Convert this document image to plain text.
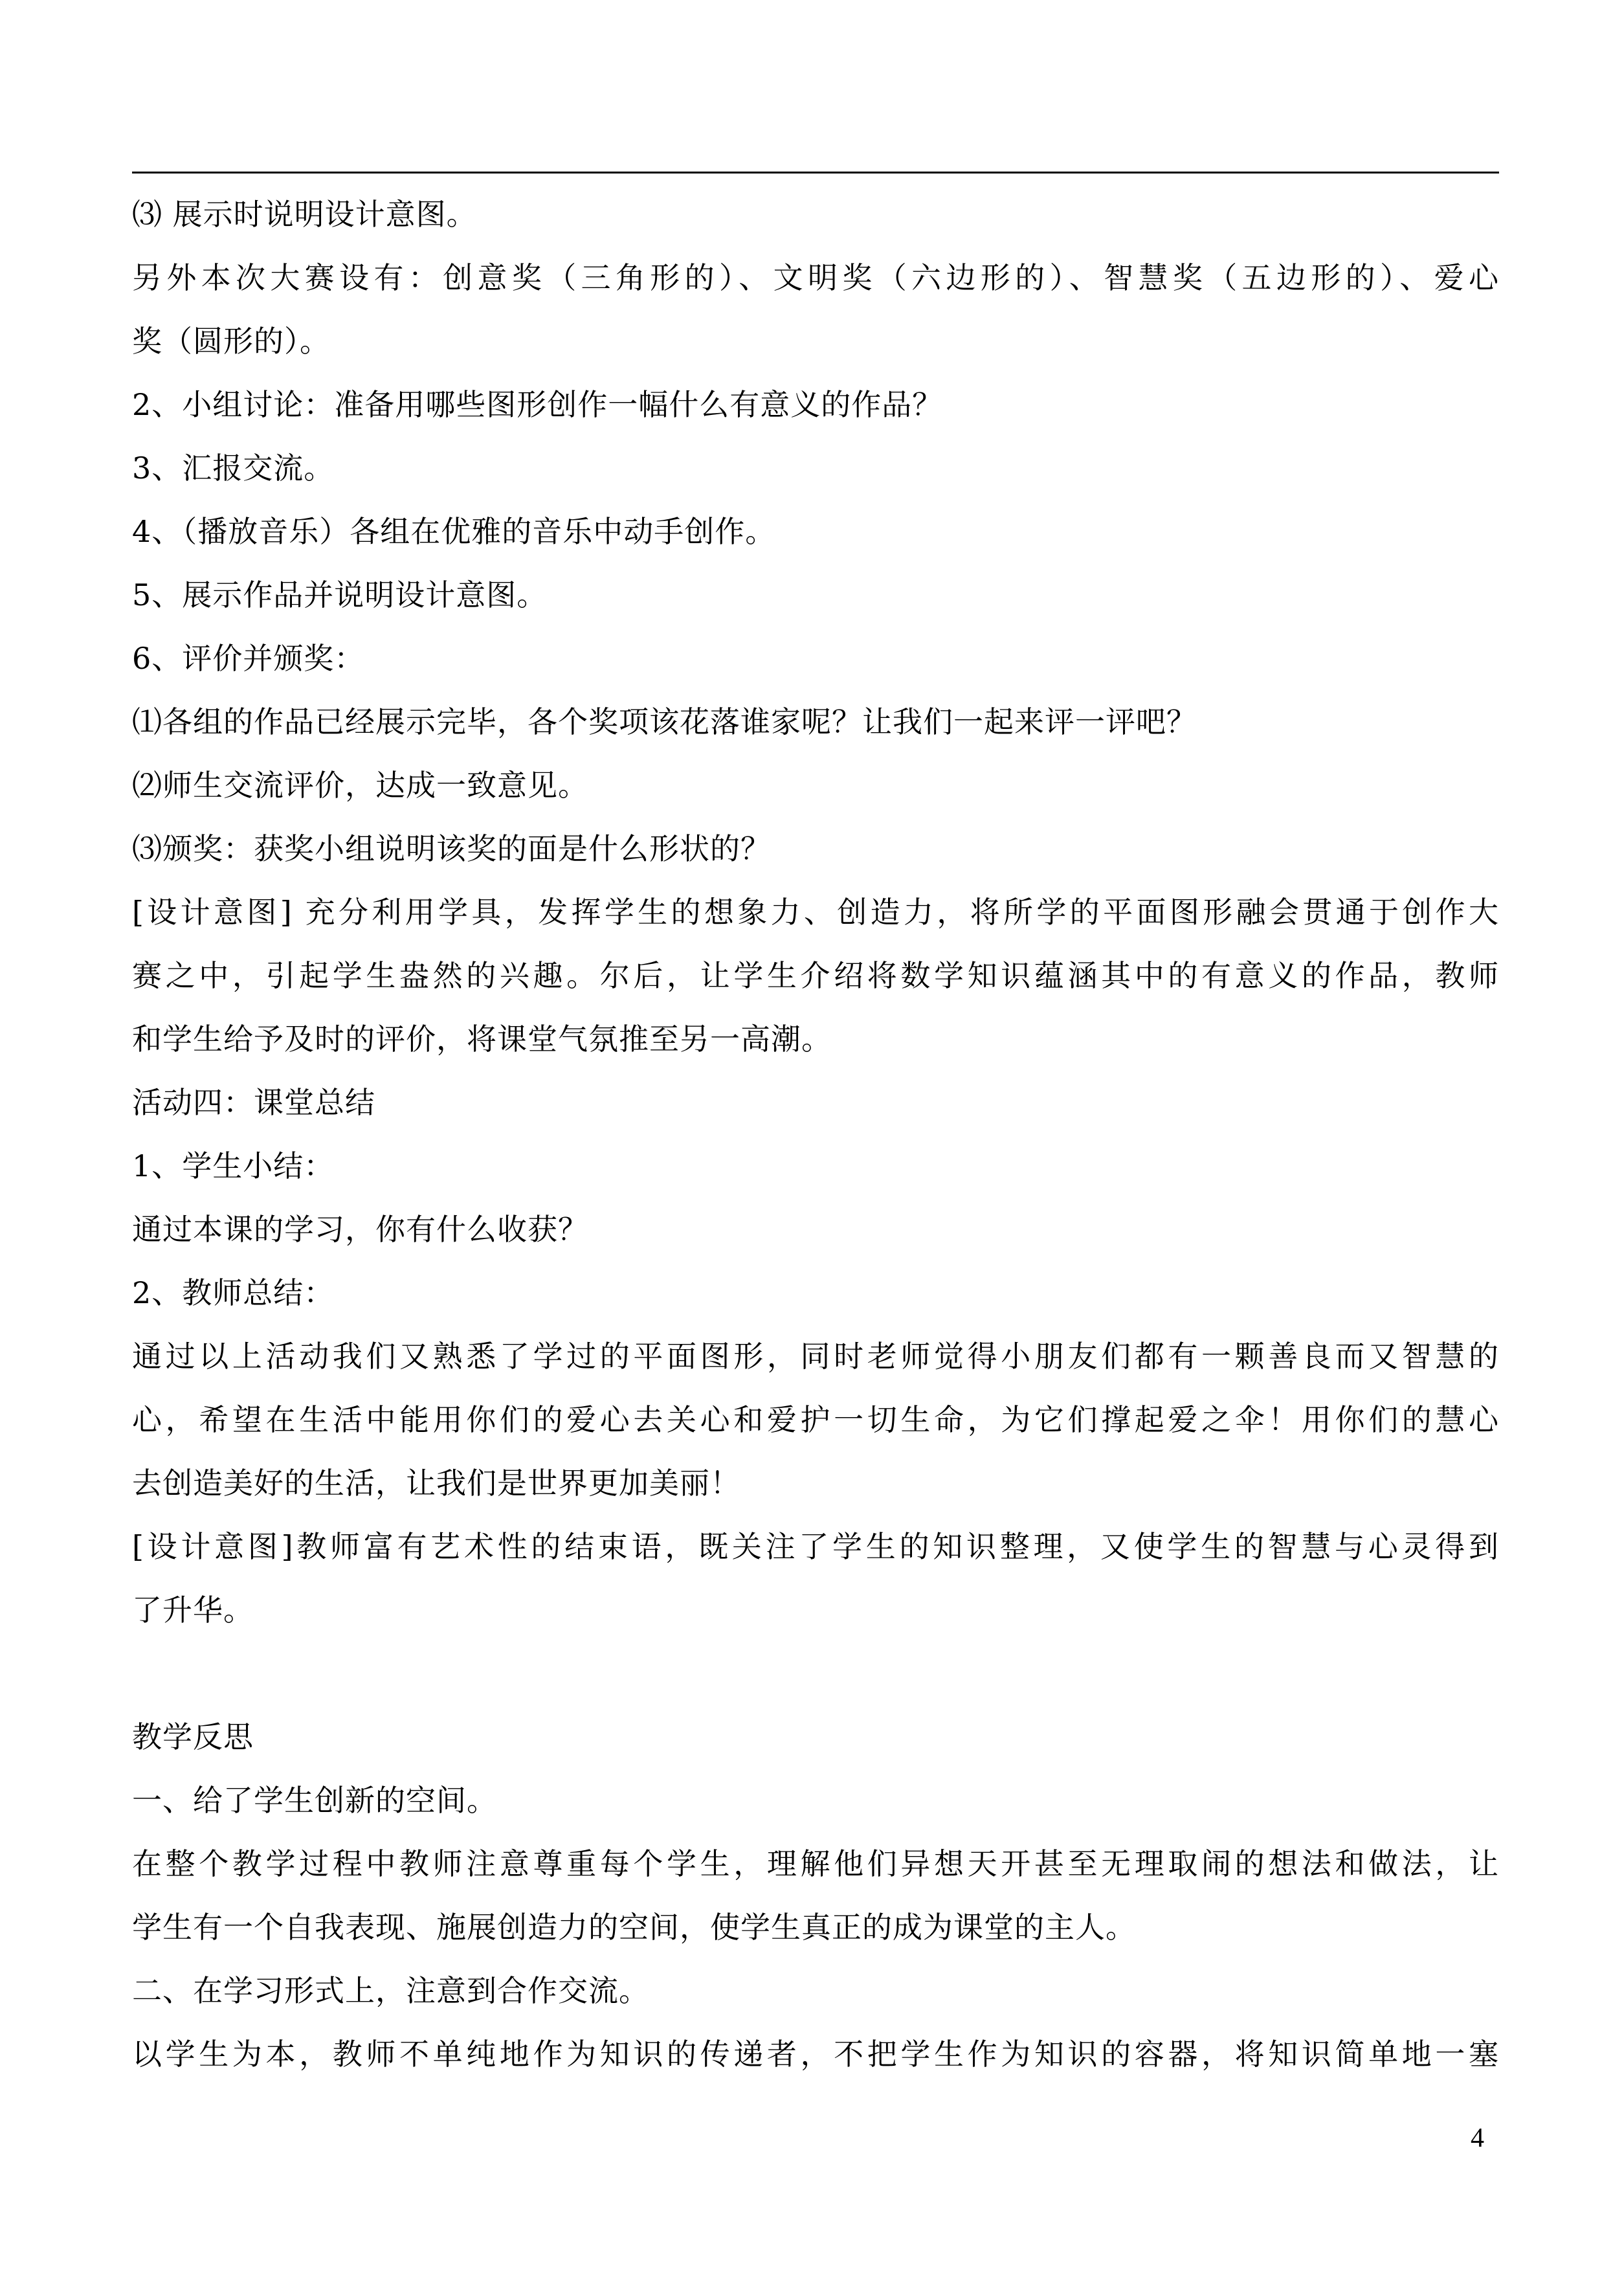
⑶ 展示时说明设计意图。
另外本次大赛设有：创意奖（三角形的）、文明奖（六边形的）、智慧奖（五边形的）、爱心
奖（圆形的）。
2、小组讨论：准备用哪些图形创作一幅什么有意义的作品？
3、汇报交流。
4、（播放音乐）各组在优雅的音乐中动手创作。
5、展示作品并说明设计意图。
6、评价并颁奖：
⑴各组的作品已经展示完毕，各个奖项该花落谁家呢？让我们一起来评一评吧？
⑵师生交流评价，达成一致意见。
⑶颁奖：获奖小组说明该奖的面是什么形状的？
[设计意图] 充分利用学具，发挥学生的想象力、创造力，将所学的平面图形融会贯通于创作大
赛之中，引起学生盎然的兴趣。尔后，让学生介绍将数学知识蕴涵其中的有意义的作品，教师
和学生给予及时的评价，将课堂气氛推至另一高潮。
活动四：课堂总结
1、学生小结：
通过本课的学习，你有什么收获？
2、教师总结：
通过以上活动我们又熟悉了学过的平面图形，同时老师觉得小朋友们都有一颗善良而又智慧的
心，希望在生活中能用你们的爱心去关心和爱护一切生命，为它们撑起爱之伞！用你们的慧心
去创造美好的生活，让我们是世界更加美丽！
[设计意图]教师富有艺术性的结束语，既关注了学生的知识整理，又使学生的智慧与心灵得到
了升华。
教学反思
一、给了学生创新的空间。
在整个教学过程中教师注意尊重每个学生，理解他们异想天开甚至无理取闹的想法和做法，让
学生有一个自我表现、施展创造力的空间，使学生真正的成为课堂的主人。
二、在学习形式上，注意到合作交流。
以学生为本，教师不单纯地作为知识的传递者，不把学生作为知识的容器，将知识简单地一塞
4
